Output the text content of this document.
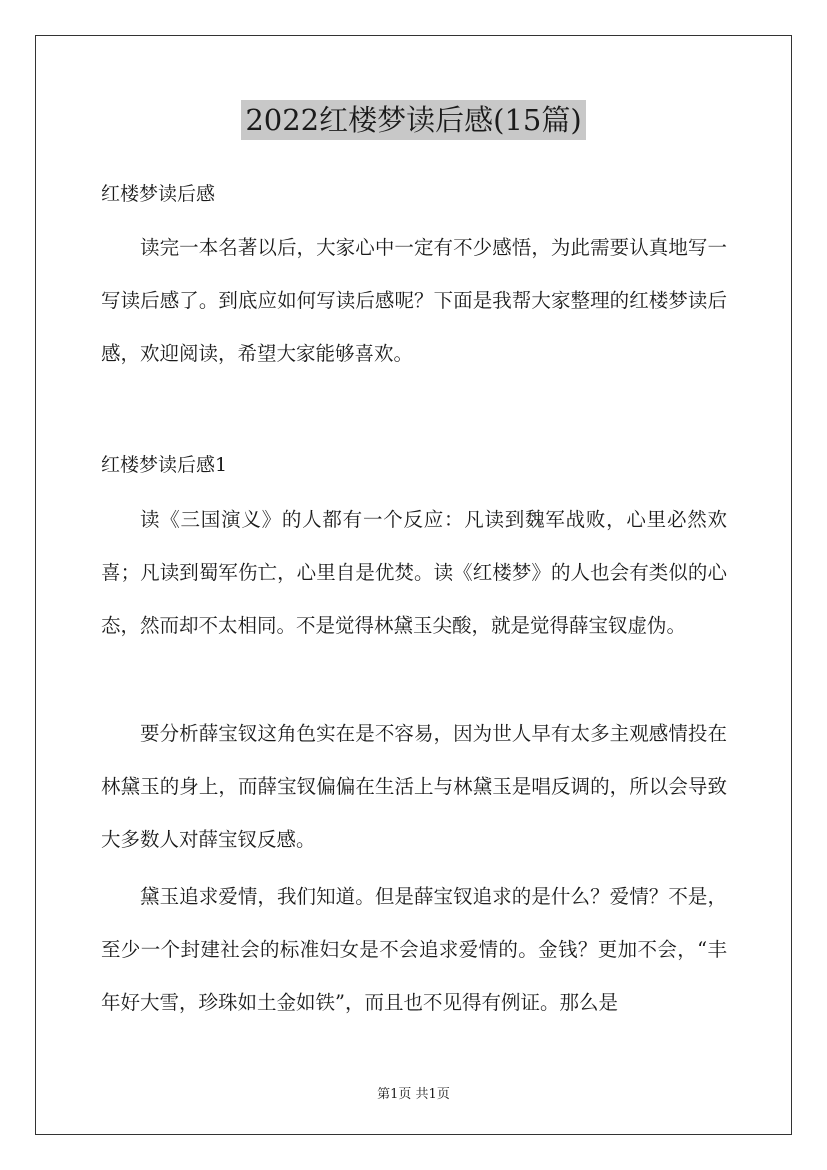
2022红楼梦读后感(15篇)
红楼梦读后感
读完一本名著以后，大家心中一定有不少感悟，为此需要认真地写一写读后感了。到底应如何写读后感呢？下面是我帮大家整理的红楼梦读后感，欢迎阅读，希望大家能够喜欢。
红楼梦读后感1
读《三国演义》的人都有一个反应：凡读到魏军战败，心里必然欢喜；凡读到蜀军伤亡，心里自是优焚。读《红楼梦》的人也会有类似的心态，然而却不太相同。不是觉得林黛玉尖酸，就是觉得薛宝钗虚伪。
要分析薛宝钗这角色实在是不容易，因为世人早有太多主观感情投在林黛玉的身上，而薛宝钗偏偏在生活上与林黛玉是唱反调的，所以会导致大多数人对薛宝钗反感。
黛玉追求爱情，我们知道。但是薛宝钗追求的是什么？爱情？不是，至少一个封建社会的标准妇女是不会追求爱情的。金钱？更加不会，“丰年好大雪，珍珠如土金如铁”，而且也不见得有例证。那么是
第1页 共1页
